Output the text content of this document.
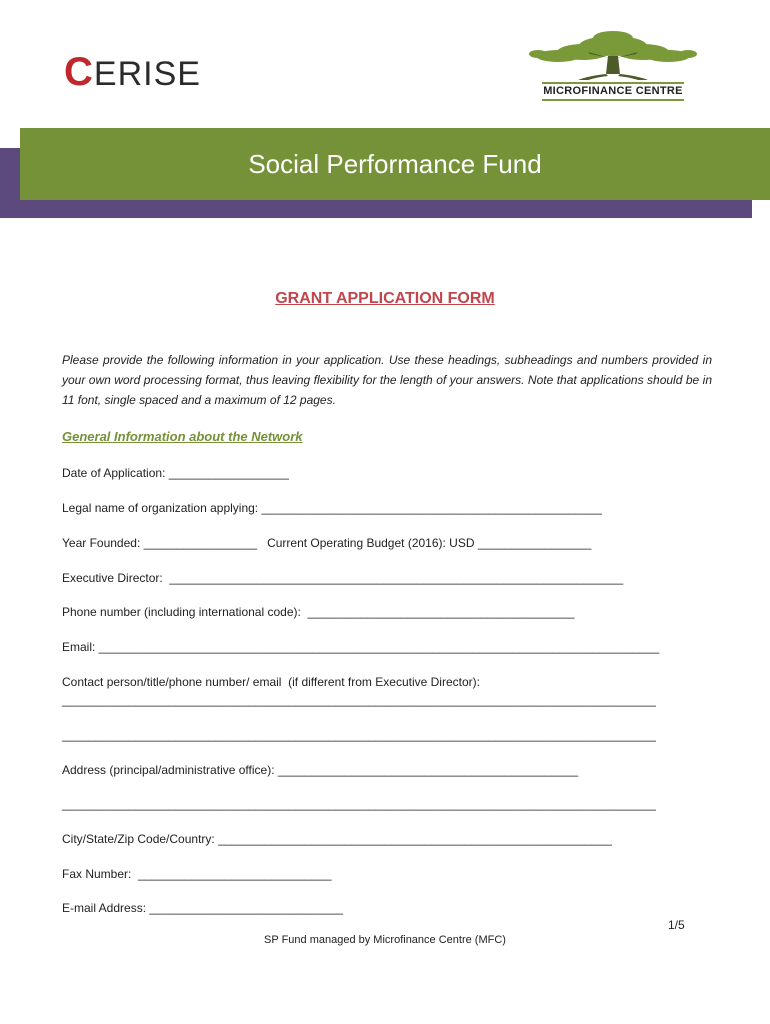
CERISE	MICROFINANCE CENTRE
Social Performance Fund
GRANT APPLICATION FORM
Please provide the following information in your application. Use these headings, subheadings and numbers provided in your own word processing format, thus leaving flexibility for the length of your answers. Note that applications should be in 11 font, single spaced and a maximum of 12 pages.
General Information about the Network
Date of Application: __________________
Legal name of organization applying: ___________________________________________________
Year Founded: _________________   Current Operating Budget (2016): USD _________________
Executive Director:  ____________________________________________________________________
Phone number (including international code):  ________________________________________
Email: ____________________________________________________________________________________
Contact person/title/phone number/ email  (if different from Executive Director):
_________________________________________________________________________________________
_________________________________________________________________________________________
Address (principal/administrative office): _____________________________________________
_________________________________________________________________________________________
City/State/Zip Code/Country: ___________________________________________________________
Fax Number:  _____________________________
E-mail Address: _____________________________
1/5
SP Fund managed by Microfinance Centre (MFC)
